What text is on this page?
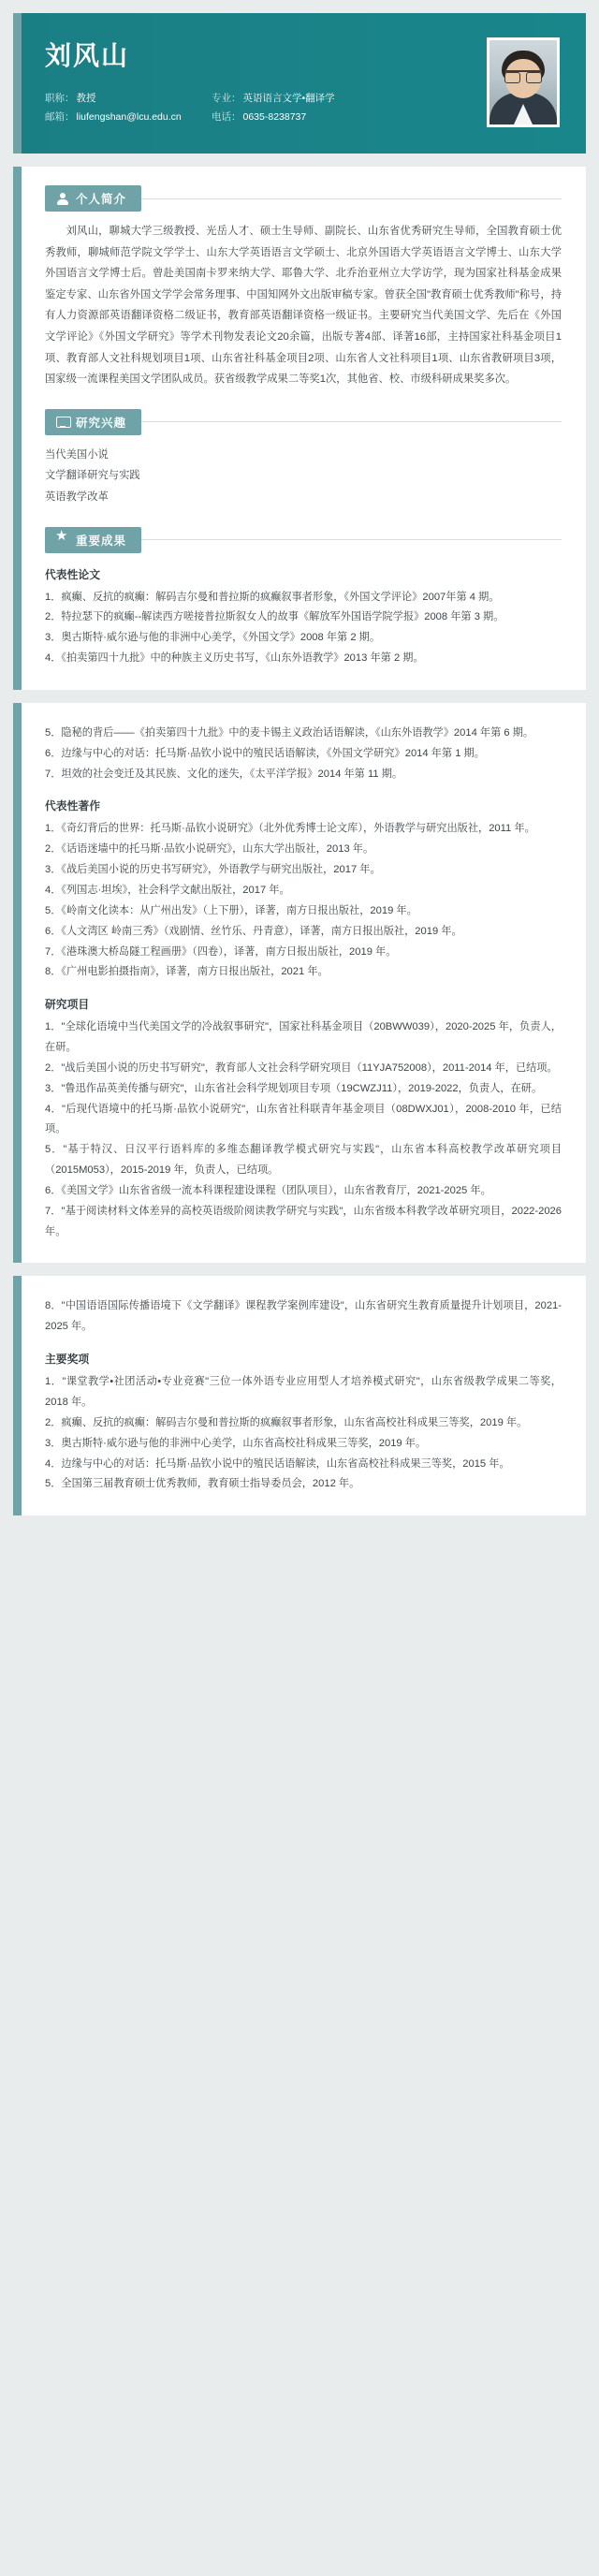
刘风山
职称： 教授	专业： 英语语言文学•翻译学
邮箱： liufengshan@lcu.edu.cn	电话： 0635-8238737
个人简介

刘风山，聊城大学三级教授、光岳人才、硕士生导师、副院长、山东省优秀研究生导师，全国教育硕士优秀教师，聊城师范学院文学学士、山东大学英语语言文学硕士、北京外国语大学英语语言文学博士、山东大学外国语言文学博士后。曾赴美国南卡罗来纳大学、耶鲁大学、北乔治亚州立大学访学，现为国家社科基金成果鉴定专家、山东省外国文学学会常务理事、中国知网外文出版审稿专家。曾获全国"教育硕士优秀教师"称号，持有人力资源部英语翻译资格二级证书，教育部英语翻译资格一级证书。主要研究当代美国文学、先后在《外国文学评论》《外国文学研究》等学术刊物发表论文20余篇，出版专著4部、译著16部，主持国家社科基金项目1项、教育部人文社科规划项目1项、山东省社科基金项目2项、山东省人文社科项目1项、山东省教研项目3项，国家级一流课程美国文学团队成员。获省级教学成果二等奖1次，其他省、校、市级科研成果奖多次。

研究兴趣
当代美国小说
文学翻译研究与实践
英语教学改革
★
重要成果
代表性论文
1．疯癫、反抗的疯癫：解码吉尔曼和普拉斯的疯癫叙事者形象，《外国文学评论》2007年第 4 期。
2．特拉瑟下的疯癫--解读西方嗟接普拉斯叙女人的故事《解放军外国语学院学报》2008 年第 3 期。
3．奥古斯特·威尔逊与他的非洲中心美学，《外国文学》2008 年第 2 期。
4．《拍卖第四十九批》中的种族主义历史书写，《山东外语教学》2013 年第 2 期。
5．隐秘的背后——《拍卖第四十九批》中的麦卡锡主义政治话语解读，《山东外语教学》2014 年第 6 期。
6．边缘与中心的对话：托马斯·品钦小说中的殖民话语解读，《外国文学研究》2014 年第 1 期。
7．坦效的社会变迁及其民族、文化的迷失，《太平洋学报》2014 年第 11 期。
代表性著作
1．《奇幻背后的世界：托马斯·品钦小说研究》（北外优秀博士论文库），外语教学与研究出版社，2011 年。
2．《话语迷墙中的托马斯·品钦小说研究》，山东大学出版社，2013 年。
3．《战后美国小说的历史书写研究》，外语教学与研究出版社，2017 年。
4．《列国志·坦埃》，社会科学文献出版社，2017 年。
5．《岭南文化读本：从广州出发》（上下册），译著，南方日报出版社，2019 年。
6．《人文湾区 岭南三秀》（戏剧情、丝竹乐、丹青意），译著，南方日报出版社，2019 年。
7．《港珠澳大桥岛隧工程画册》（四卷），译著，南方日报出版社，2019 年。
8．《广州电影拍摄指南》，译著，南方日报出版社，2021 年。
研究项目
1．"全球化语境中当代美国文学的冷战叙事研究"，国家社科基金项目（20BWW039），2020-2025 年，负责人，在研。
2．"战后美国小说的历史书写研究"，教育部人文社会科学研究项目（11YJA752008），2011-2014 年，已结项。
3．"鲁迅作品英美传播与研究"，山东省社会科学规划项目专项（19CWZJ11），2019-2022，负责人，在研。
4．"后现代语境中的托马斯·品钦小说研究"，山东省社科联青年基金项目（08DWXJ01），2008-2010 年，已结项。
5．"基于特汉、日汉平行语料库的多维态翻译教学模式研究与实践"，山东省本科高校教学改革研究项目（2015M053），2015-2019 年，负责人，已结项。
6．《美国文学》山东省省级一流本科课程建设课程（团队项目），山东省教育厅，2021-2025 年。
7．"基于阅读材料文体差异的高校英语级阶阅读教学研究与实践"，山东省级本科教学改革研究项目，2022-2026 年。
8．"中国语语国际传播语境下《文学翻译》课程教学案例库建设"，山东省研究生教育质量提升计划项目，2021-2025 年。
主要奖项
1．"课堂教学•社团活动•专业竞赛"三位一体外语专业应用型人才培养模式研究"，山东省级教学成果二等奖，2018 年。
2．疯癫、反抗的疯癫：解码吉尔曼和普拉斯的疯癫叙事者形象，山东省高校社科成果三等奖，2019 年。
3．奥古斯特·威尔逊与他的非洲中心美学，山东省高校社科成果三等奖，2019 年。
4．边缘与中心的对话：托马斯·品钦小说中的殖民话语解读，山东省高校社科成果三等奖，2015 年。
5．全国第三届教育硕士优秀教师，教育硕士指导委员会，2012 年。
